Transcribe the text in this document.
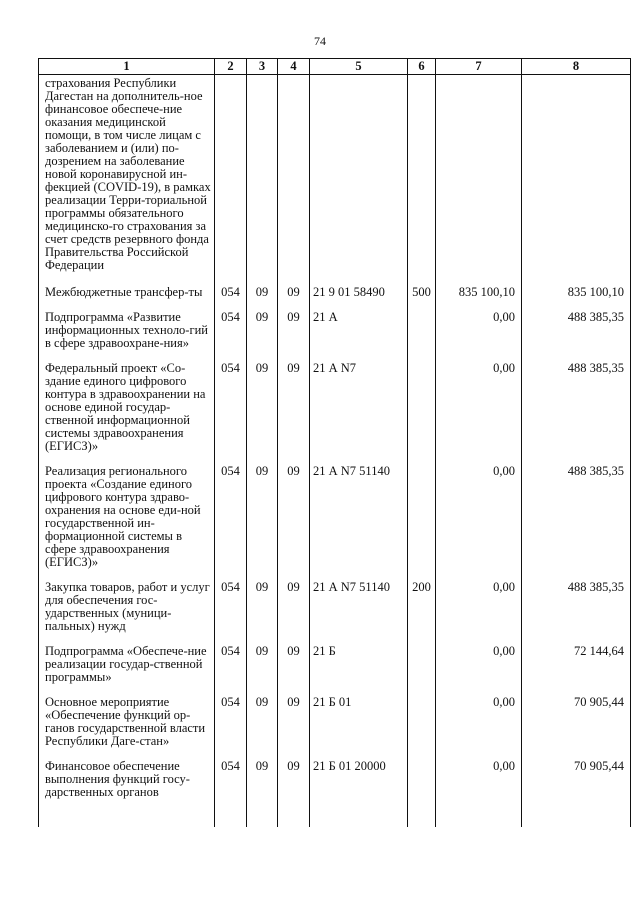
74
1	2	3	4	5	6	7	8
страхования Республики Дагестан на дополнитель-ное финансовое обеспече-ние оказания медицинской помощи, в том числе лицам с заболеванием и (или) по-дозрением на заболевание новой коронавирусной ин-фекцией (COVID-19), в рамках реализации Терри-ториальной программы обязательного медицинско-го страхования за счет средств резервного фонда Правительства Российской Федерации							
Межбюджетные трансфер-ты	054	09	09	21 9 01 58490	500	835 100,10	835 100,10
Подпрограмма «Развитие информационных техноло-гий в сфере здравоохране-ния»	054	09	09	21 А		0,00	488 385,35
Федеральный проект «Со-здание единого цифрового контура в здравоохранении на основе единой государ-ственной информационной системы здравоохранения (ЕГИСЗ)»	054	09	09	21 А N7		0,00	488 385,35
Реализация регионального проекта «Создание единого цифрового контура здраво-охранения на основе еди-ной государственной ин-формационной системы в сфере здравоохранения (ЕГИСЗ)»	054	09	09	21 А N7 51140		0,00	488 385,35
Закупка товаров, работ и услуг для обеспечения гос-ударственных (муници-пальных) нужд	054	09	09	21 А N7 51140	200	0,00	488 385,35
Подпрограмма «Обеспече-ние реализации государ-ственной программы»	054	09	09	21 Б		0,00	72 144,64
Основное мероприятие «Обеспечение функций ор-ганов государственной власти Республики Даге-стан»	054	09	09	21 Б 01		0,00	70 905,44
Финансовое обеспечение выполнения функций госу-дарственных органов	054	09	09	21 Б 01 20000		0,00	70 905,44
